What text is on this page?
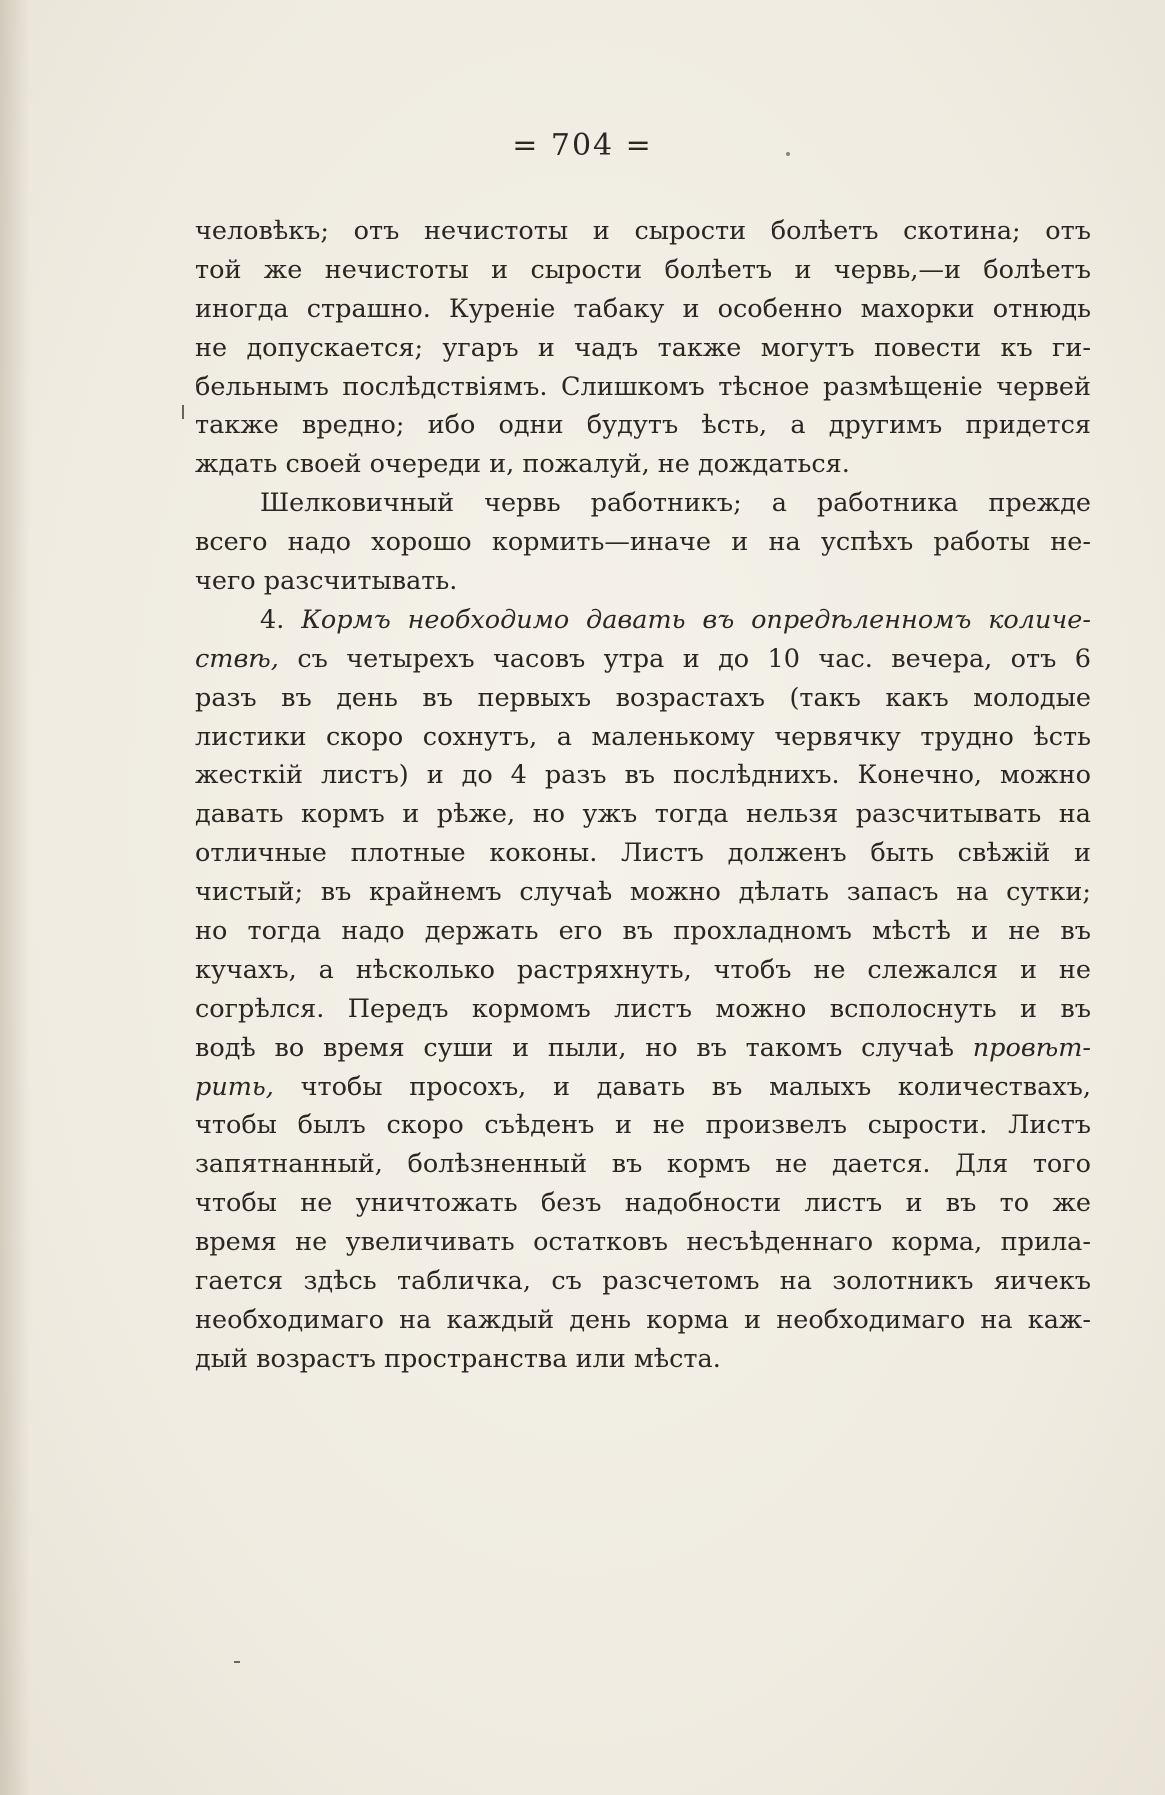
= 704 =
человѣкъ; отъ нечистоты и сырости болѣетъ скотина; отъ
той же нечистоты и сырости болѣетъ и червь,—и болѣетъ
иногда страшно. Куреніе табаку и особенно махорки отнюдь
не допускается; угаръ и чадъ также могутъ повести къ ги-
бельнымъ послѣдствіямъ. Слишкомъ тѣсное размѣщеніе червей
также вредно; ибо одни будутъ ѣсть, а другимъ придется
ждать своей очереди и, пожалуй, не дождаться.
Шелковичный червь работникъ; а работника прежде
всего надо хорошо кормить—иначе и на успѣхъ работы не-
чего разсчитывать.
4. Кормъ необходимо давать въ опредѣленномъ количе-
ствѣ, съ четырехъ часовъ утра и до 10 час. вечера, отъ 6
разъ въ день въ первыхъ возрастахъ (такъ какъ молодые
листики скоро сохнутъ, а маленькому червячку трудно ѣсть
жесткій листъ) и до 4 разъ въ послѣднихъ. Конечно, можно
давать кормъ и рѣже, но ужъ тогда нельзя разсчитывать на
отличные плотные коконы. Листъ долженъ быть свѣжій и
чистый; въ крайнемъ случаѣ можно дѣлать запасъ на сутки;
но тогда надо держать его въ прохладномъ мѣстѣ и не въ
кучахъ, а нѣсколько растряхнуть, чтобъ не слежался и не
согрѣлся. Передъ кормомъ листъ можно всполоснуть и въ
водѣ во время суши и пыли, но въ такомъ случаѣ провѣт-
рить, чтобы просохъ, и давать въ малыхъ количествахъ,
чтобы былъ скоро съѣденъ и не произвелъ сырости. Листъ
запятнанный, болѣзненный въ кормъ не дается. Для того
чтобы не уничтожать безъ надобности листъ и въ то же
время не увеличивать остатковъ несъѣденнаго корма, прила-
гается здѣсь табличка, съ разсчетомъ на золотникъ яичекъ
необходимаго на каждый день корма и необходимаго на каж-
дый возрастъ пространства или мѣста.
